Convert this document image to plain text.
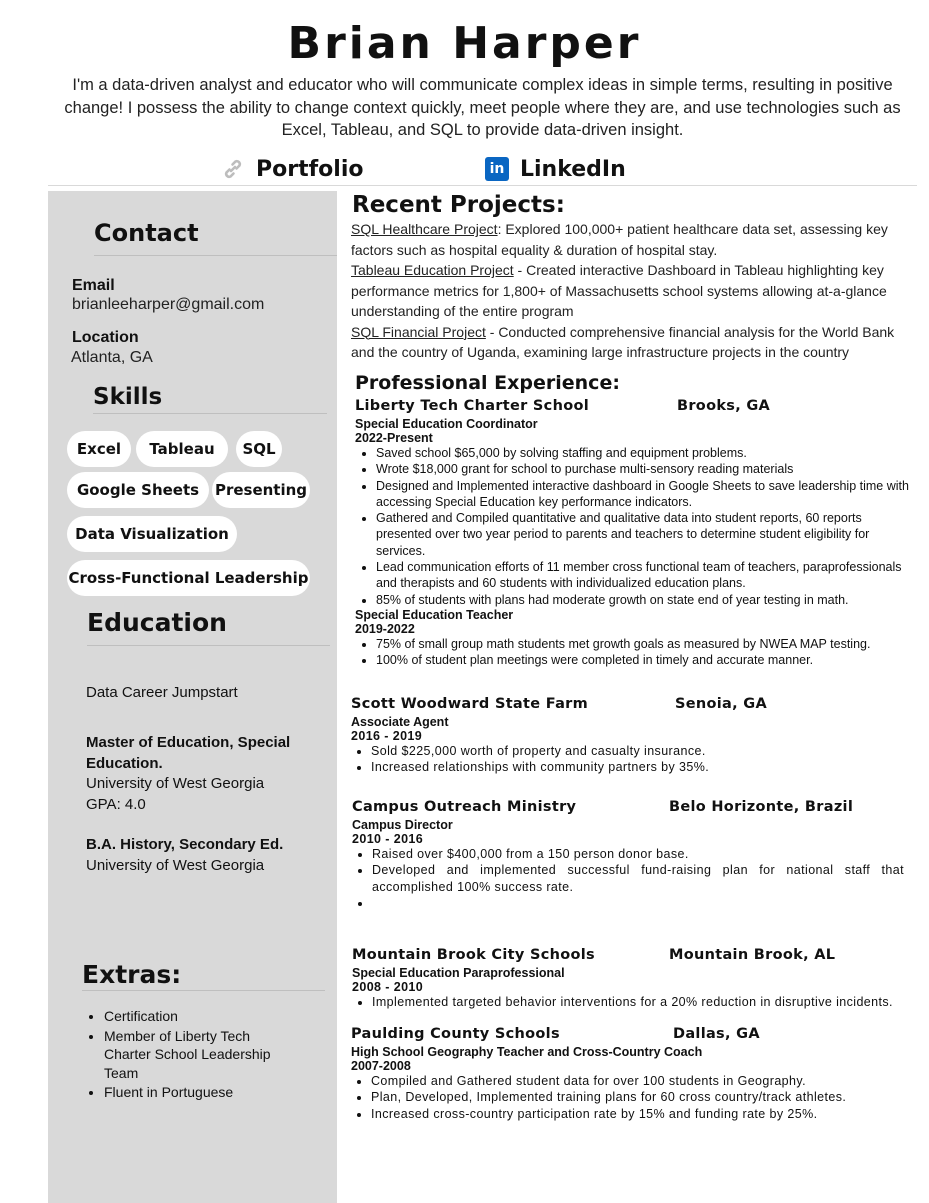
Brian Harper
I'm a data-driven analyst and educator who will communicate complex ideas in simple terms, resulting in positive change! I possess the ability to change context quickly, meet people where they are, and use technologies such as Excel, Tableau, and SQL to provide data-driven insight.
Portfolio	in LinkedIn
Contact
Email
brianleeharper@gmail.com
Location
Atlanta, GA
Skills
Excel	Tableau	SQL
Google Sheets	Presenting
Data Visualization
Cross-Functional Leadership
Education
Data Career Jumpstart
Master of Education, Special Education.
University of West Georgia
GPA: 4.0
B.A. History, Secondary Ed.
University of West Georgia
Extras:
• Certification
• Member of Liberty Tech Charter School Leadership Team
• Fluent in Portuguese
Recent Projects:
SQL Healthcare Project: Explored 100,000+ patient healthcare data set, assessing key factors such as hospital equality & duration of hospital stay.
Tableau Education Project - Created interactive Dashboard in Tableau highlighting key performance metrics for 1,800+ of Massachusetts school systems allowing at-a-glance understanding of the entire program
SQL Financial Project - Conducted comprehensive financial analysis for the World Bank and the country of Uganda, examining large infrastructure projects in the country
Professional Experience:
Liberty Tech Charter School	Brooks, GA
Special Education Coordinator
2022-Present
• Saved school $65,000 by solving staffing and equipment problems.
• Wrote $18,000 grant for school to purchase multi-sensory reading materials
• Designed and Implemented interactive dashboard in Google Sheets to save leadership time with accessing Special Education key performance indicators.
• Gathered and Compiled quantitative and qualitative data into student reports, 60 reports presented over two year period to parents and teachers to determine student eligibility for services.
• Lead communication efforts of 11 member cross functional team of teachers, paraprofessionals and therapists and 60 students with individualized education plans.
• 85% of students with plans had moderate growth on state end of year testing in math.
Special Education Teacher
2019-2022
• 75% of small group math students met growth goals as measured by NWEA MAP testing.
• 100% of student plan meetings were completed in timely and accurate manner.
Scott Woodward State Farm	Senoia, GA
Associate Agent
2016 - 2019
• Sold $225,000 worth of property and casualty insurance.
• Increased relationships with community partners by 35%.
Campus Outreach Ministry	Belo Horizonte, Brazil
Campus Director
2010 - 2016
• Raised over $400,000 from a 150 person donor base.
• Developed and implemented successful fund-raising plan for national staff that accomplished 100% success rate.
•
Mountain Brook City Schools	Mountain Brook, AL
Special Education Paraprofessional
2008 - 2010
• Implemented targeted behavior interventions for a 20% reduction in disruptive incidents.
Paulding County Schools	Dallas, GA
High School Geography Teacher and Cross-Country Coach
2007-2008
• Compiled and Gathered student data for over 100 students in Geography.
• Plan, Developed, Implemented training plans for 60 cross country/track athletes.
• Increased cross-country participation rate by 15% and funding rate by 25%.
